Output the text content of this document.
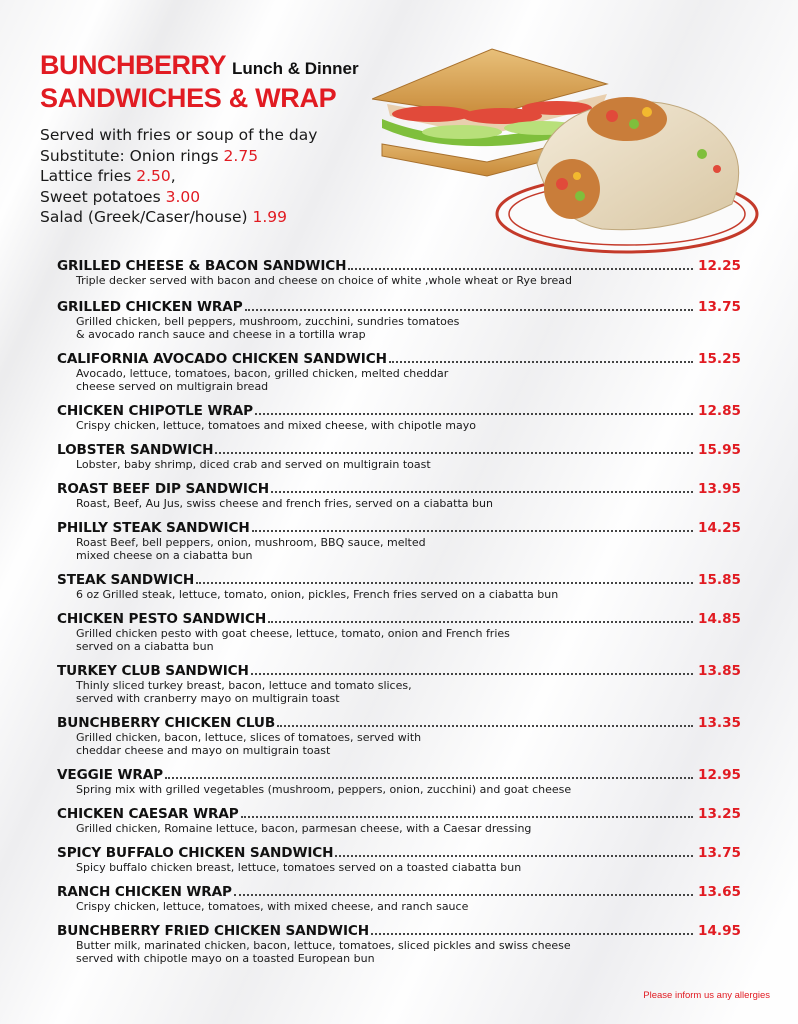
BUNCHBERRY Lunch & Dinner
SANDWICHES & WRAP
Served with fries or soup of the day
Substitute: Onion rings 2.75
Lattice fries 2.50,
Sweet potatoes 3.00
Salad (Greek/Caser/house) 1.99
GRILLED CHEESE & BACON SANDWICH	12.25
Triple decker served with bacon and cheese on choice of white ,whole wheat or Rye bread
GRILLED CHICKEN WRAP	13.75
Grilled chicken, bell peppers, mushroom, zucchini, sundries tomatoes
& avocado ranch sauce and cheese in a tortilla wrap
CALIFORNIA AVOCADO CHICKEN SANDWICH	15.25
Avocado, lettuce, tomatoes, bacon, grilled chicken, melted cheddar
cheese served on multigrain bread
CHICKEN CHIPOTLE WRAP	12.85
Crispy chicken, lettuce, tomatoes and mixed cheese, with chipotle mayo
LOBSTER SANDWICH	15.95
Lobster, baby shrimp, diced crab and served on multigrain toast
ROAST BEEF DIP SANDWICH	13.95
Roast, Beef, Au Jus, swiss cheese and french fries, served on a ciabatta bun
PHILLY STEAK SANDWICH	14.25
Roast Beef, bell peppers, onion, mushroom, BBQ sauce, melted
mixed cheese on a ciabatta bun
STEAK SANDWICH	15.85
6 oz Grilled steak, lettuce, tomato, onion, pickles, French fries served on a ciabatta bun
CHICKEN PESTO SANDWICH	14.85
Grilled chicken pesto with goat cheese, lettuce, tomato, onion and French fries
served on a ciabatta bun
TURKEY CLUB SANDWICH	13.85
Thinly sliced turkey breast, bacon, lettuce and tomato slices,
served with cranberry mayo on multigrain toast
BUNCHBERRY CHICKEN CLUB	13.35
Grilled chicken, bacon, lettuce, slices of tomatoes, served with
cheddar cheese and mayo on multigrain toast
VEGGIE WRAP	12.95
Spring mix with grilled vegetables (mushroom, peppers, onion, zucchini) and goat cheese
CHICKEN CAESAR WRAP	13.25
Grilled chicken, Romaine lettuce, bacon, parmesan cheese, with a Caesar dressing
SPICY BUFFALO CHICKEN SANDWICH	13.75
Spicy buffalo chicken breast, lettuce, tomatoes served on a toasted ciabatta bun
RANCH CHICKEN WRAP	13.65
Crispy chicken, lettuce, tomatoes, with mixed cheese, and ranch sauce
BUNCHBERRY FRIED CHICKEN SANDWICH	14.95
Butter milk, marinated chicken, bacon, lettuce, tomatoes, sliced pickles and swiss cheese
served with chipotle mayo on a toasted European bun
Please inform us any allergies
